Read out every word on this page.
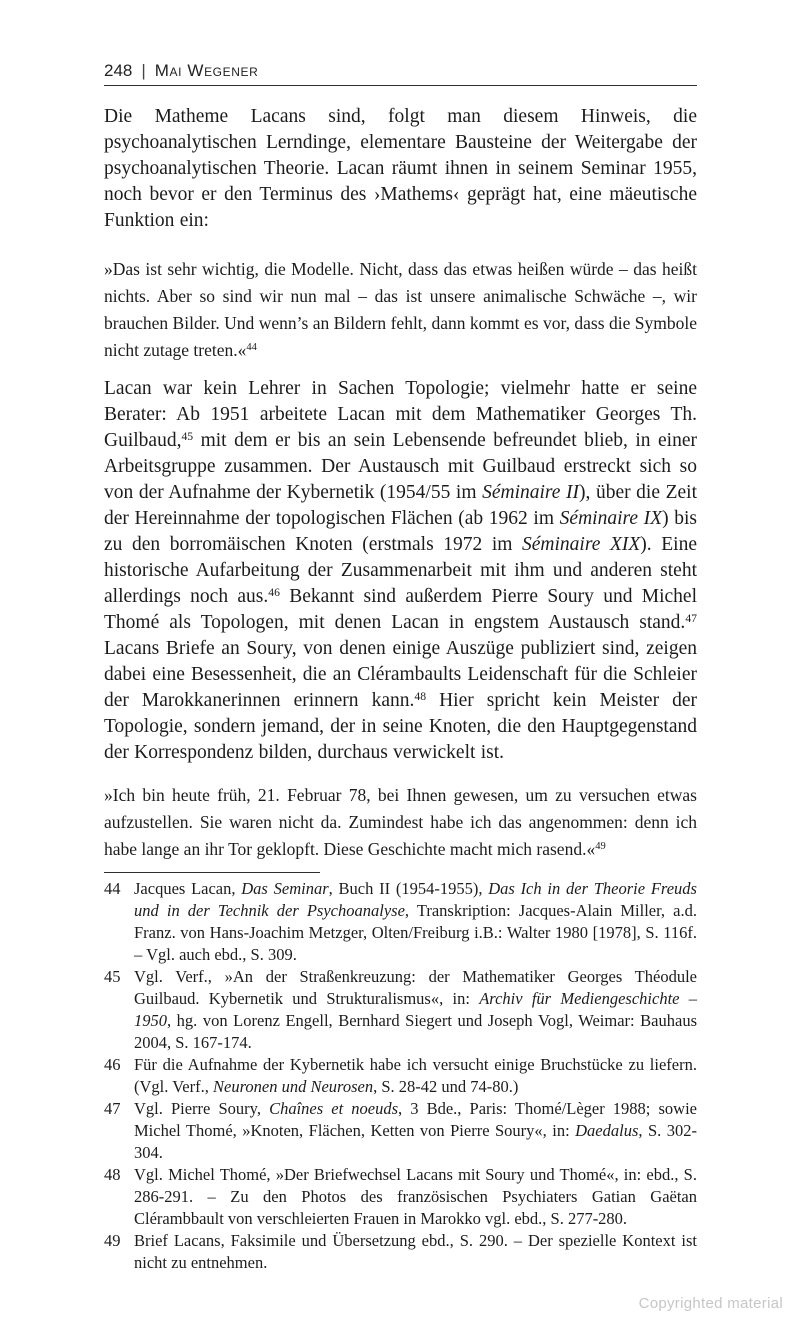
248 | Mai Wegener

Die Matheme Lacans sind, folgt man diesem Hinweis, die psychoanalytischen Lerndinge, elementare Bausteine der Weitergabe der psychoanalytischen Theorie. Lacan räumt ihnen in seinem Seminar 1955, noch bevor er den Terminus des ›Mathems‹ geprägt hat, eine mäeutische Funktion ein:

»Das ist sehr wichtig, die Modelle. Nicht, dass das etwas heißen würde – das heißt nichts. Aber so sind wir nun mal – das ist unsere animalische Schwäche –, wir brauchen Bilder. Und wenn’s an Bildern fehlt, dann kommt es vor, dass die Symbole nicht zutage treten.«$^{44}$

Lacan war kein Lehrer in Sachen Topologie; vielmehr hatte er seine Berater: Ab 1951 arbeitete Lacan mit dem Mathematiker Georges Th. Guilbaud,$^{45}$ mit dem er bis an sein Lebensende befreundet blieb, in einer Arbeitsgruppe zusammen. Der Austausch mit Guilbaud erstreckt sich so von der Aufnahme der Kybernetik (1954/55 im Séminaire II), über die Zeit der Hereinnahme der topologischen Flächen (ab 1962 im Séminaire IX) bis zu den borromäischen Knoten (erstmals 1972 im Séminaire XIX). Eine historische Aufarbeitung der Zusammenarbeit mit ihm und anderen steht allerdings noch aus.$^{46}$ Bekannt sind außerdem Pierre Soury und Michel Thomé als Topologen, mit denen Lacan in engstem Austausch stand.$^{47}$ Lacans Briefe an Soury, von denen einige Auszüge publiziert sind, zeigen dabei eine Besessenheit, die an Clérambaults Leidenschaft für die Schleier der Marokkanerinnen erinnern kann.$^{48}$ Hier spricht kein Meister der Topologie, sondern jemand, der in seine Knoten, die den Hauptgegenstand der Korrespondenz bilden, durchaus verwickelt ist.

»Ich bin heute früh, 21. Februar 78, bei Ihnen gewesen, um zu versuchen etwas aufzustellen. Sie waren nicht da. Zumindest habe ich das angenommen: denn ich habe lange an ihr Tor geklopft. Diese Geschichte macht mich rasend.«$^{49}$

44 Jacques Lacan, Das Seminar, Buch II (1954-1955), Das Ich in der Theorie Freuds und in der Technik der Psychoanalyse, Transkription: Jacques-Alain Miller, a.d. Franz. von Hans-Joachim Metzger, Olten/Freiburg i.B.: Walter 1980 [1978], S. 116f. – Vgl. auch ebd., S. 309.
45 Vgl. Verf., »An der Straßenkreuzung: der Mathematiker Georges Théodule Guilbaud. Kybernetik und Strukturalismus«, in: Archiv für Mediengeschichte – 1950, hg. von Lorenz Engell, Bernhard Siegert und Joseph Vogl, Weimar: Bauhaus 2004, S. 167-174.
46 Für die Aufnahme der Kybernetik habe ich versucht einige Bruchstücke zu liefern. (Vgl. Verf., Neuronen und Neurosen, S. 28-42 und 74-80.)
47 Vgl. Pierre Soury, Chaînes et noeuds, 3 Bde., Paris: Thomé/Lèger 1988; sowie Michel Thomé, »Knoten, Flächen, Ketten von Pierre Soury«, in: Daedalus, S. 302-304.
48 Vgl. Michel Thomé, »Der Briefwechsel Lacans mit Soury und Thomé«, in: ebd., S. 286-291. – Zu den Photos des französischen Psychiaters Gatian Gaëtan Clérambbault von verschleierten Frauen in Marokko vgl. ebd., S. 277-280.
49 Brief Lacans, Faksimile und Übersetzung ebd., S. 290. – Der spezielle Kontext ist nicht zu entnehmen.
Copyrighted material
